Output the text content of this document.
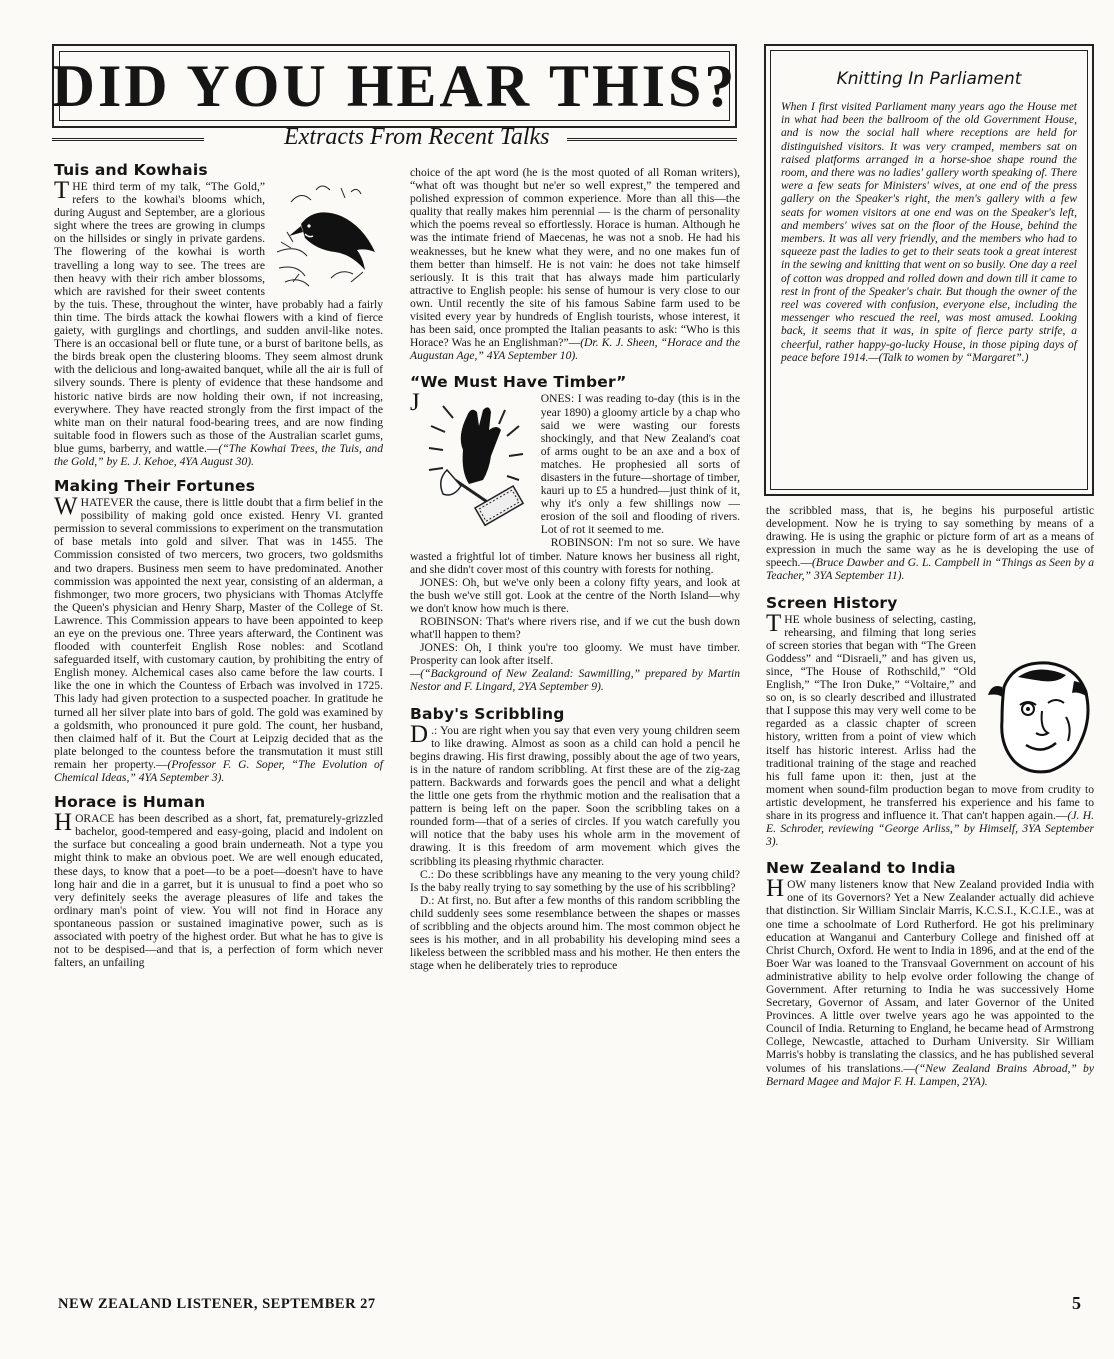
DID YOU HEAR THIS?
Extracts From Recent Talks
Tuis and Kowhais

T HE third term of my talk, “The Gold,” refers to the kowhai's blooms which, during August and September, are a glorious sight where the trees are growing in clumps on the hillsides or singly in private gardens. The flowering of the kowhai is worth travelling a long way to see. The trees are then heavy with their rich amber blossoms, which are ravished for their sweet contents by the tuis. These, throughout the winter, have probably had a fairly thin time. The birds attack the kowhai flowers with a kind of fierce gaiety, with gurglings and chortlings, and sudden anvil-like notes. There is an occasional bell or flute tune, or a burst of baritone bells, as the birds break open the clustering blooms. They seem almost drunk with the delicious and long-awaited banquet, while all the air is full of silvery sounds. There is plenty of evidence that these handsome and historic native birds are now holding their own, if not increasing, everywhere. They have reacted strongly from the first impact of the white man on their natural food-bearing trees, and are now finding suitable food in flowers such as those of the Australian scarlet gums, blue gums, barberry, and wattle.—(“The Kowhai Trees, the Tuis, and the Gold,” by E. J. Kehoe, 4YA August 30).

Making Their Fortunes

W HATEVER the cause, there is little doubt that a firm belief in the possibility of making gold once existed. Henry VI. granted permission to several commissions to experiment on the transmutation of base metals into gold and silver. That was in 1455. The Commission consisted of two mercers, two grocers, two goldsmiths and two drapers. Business men seem to have predominated. Another commission was appointed the next year, consisting of an alderman, a fishmonger, two more grocers, two physicians with Thomas Atclyffe the Queen's physician and Henry Sharp, Master of the College of St. Lawrence. This Commission appears to have been appointed to keep an eye on the previous one. Three years afterward, the Continent was flooded with counterfeit English Rose nobles: and Scotland safeguarded itself, with customary caution, by prohibiting the entry of English money. Alchemical cases also came before the law courts. I like the one in which the Countess of Erbach was involved in 1725. This lady had given protection to a suspected poacher. In gratitude he turned all her silver plate into bars of gold. The gold was examined by a goldsmith, who pronounced it pure gold. The count, her husband, then claimed half of it. But the Court at Leipzig decided that as the plate belonged to the countess before the transmutation it must still remain her property.—(Professor F. G. Soper, “The Evolution of Chemical Ideas,” 4YA September 3).

Horace is Human

H ORACE has been described as a short, fat, prematurely-grizzled bachelor, good-tempered and easy-going, placid and indolent on the surface but concealing a good brain underneath. Not a type you might think to make an obvious poet. We are well enough educated, these days, to know that a poet—to be a poet—doesn't have to have long hair and die in a garret, but it is unusual to find a poet who so very definitely seeks the average pleasures of life and takes the ordinary man's point of view. You will not find in Horace any spontaneous passion or sustained imaginative power, such as is associated with poetry of the highest order. But what he has to give is not to be despised—and that is, a perfection of form which never falters, an unfailing

choice of the apt word (he is the most quoted of all Roman writers), “what oft was thought but ne'er so well exprest,” the tempered and polished expression of common experience. More than all this—the quality that really makes him perennial — is the charm of personality which the poems reveal so effortlessly. Horace is human. Although he was the intimate friend of Maecenas, he was not a snob. He had his weaknesses, but he knew what they were, and no one makes fun of them better than himself. He is not vain: he does not take himself seriously. It is this trait that has always made him particularly attractive to English people: his sense of humour is very close to our own. Until recently the site of his famous Sabine farm used to be visited every year by hundreds of English tourists, whose interest, it has been said, once prompted the Italian peasants to ask: “Who is this Horace? Was he an Englishman?”—(Dr. K. J. Sheen, “Horace and the Augustan Age,” 4YA September 10).

“We Must Have Timber”

J	ONES: I was reading to-day (this is in the year 1890) a gloomy article by a chap who said we were wasting our forests shockingly, and that New Zealand's coat of arms ought to be an axe and a box of matches. He prophesied all sorts of disasters in the future—shortage of timber, kauri up to £5 a hundred—just think of it, why it's only a few shillings now — erosion of the soil and flooding of rivers. Lot of rot it seemed to me.

ROBINSON: I'm not so sure. We have wasted a frightful lot of timber. Nature knows her business all right, and she didn't cover most of this country with forests for nothing.

JONES: Oh, but we've only been a colony fifty years, and look at the bush we've still got. Look at the centre of the North Island—why we don't know how much is there.

ROBINSON: That's where rivers rise, and if we cut the bush down what'll happen to them?

JONES: Oh, I think you're too gloomy. We must have timber. Prosperity can look after itself.

—(“Background of New Zealand: Sawmilling,” prepared by Martin Nestor and F. Lingard, 2YA September 9).

Baby's Scribbling

D .: You are right when you say that even very young children seem to like drawing. Almost as soon as a child can hold a pencil he begins drawing. His first drawing, possibly about the age of two years, is in the nature of random scribbling. At first these are of the zig-zag pattern. Backwards and forwards goes the pencil and what a delight the little one gets from the rhythmic motion and the realisation that a pattern is being left on the paper. Soon the scribbling takes on a rounded form—that of a series of circles. If you watch carefully you will notice that the baby uses his whole arm in the movement of drawing. It is this freedom of arm movement which gives the scribbling its pleasing rhythmic character.

C.: Do these scribblings have any meaning to the very young child? Is the baby really trying to say something by the use of his scribbling?

D.: At first, no. But after a few months of this random scribbling the child suddenly sees some resemblance between the shapes or masses of scribbling and the objects around him. The most common object he sees is his mother, and in all probability his developing mind sees a likeless between the scribbled mass and his mother. He then enters the stage when he deliberately tries to reproduce

Knitting In Parliament

When I first visited Parliament many years ago the House met in what had been the ballroom of the old Government House, and is now the social hall where receptions are held for distinguished visitors. It was very cramped, members sat on raised platforms arranged in a horse-shoe shape round the room, and there was no ladies' gallery worth speaking of. There were a few seats for Ministers' wives, at one end of the press gallery on the Speaker's right, the men's gallery with a few seats for women visitors at one end was on the Speaker's left, and members' wives sat on the floor of the House, behind the members. It was all very friendly, and the members who had to squeeze past the ladies to get to their seats took a great interest in the sewing and knitting that went on so busily. One day a reel of cotton was dropped and rolled down and down till it came to rest in front of the Speaker's chair. But though the owner of the reel was covered with confusion, everyone else, including the messenger who rescued the reel, was most amused. Looking back, it seems that it was, in spite of fierce party strife, a cheerful, rather happy-go-lucky House, in those piping days of peace before 1914.—(Talk to women by “Margaret”.)

the scribbled mass, that is, he begins his purposeful artistic development. Now he is trying to say something by means of a drawing. He is using the graphic or picture form of art as a means of expression in much the same way as he is developing the use of speech.—(Bruce Dawber and G. L. Campbell in “Things as Seen by a Teacher,” 3YA September 11).

Screen History

T HE whole business of selecting, casting, rehearsing, and filming that long series of screen stories that began with “The Green Goddess” and “Disraeli,” and has given us, since, “The House of Rothschild,” “Old English,” “The Iron Duke,” “Voltaire,” and so on, is so clearly described and illustrated that I suppose this may very well come to be regarded as a classic chapter of screen history, written from a point of view which itself has historic interest. Arliss had the traditional training of the stage and reached his full fame upon it: then, just at the moment when sound-film production began to move from crudity to artistic development, he transferred his experience and his fame to share in its progress and influence it. That can't happen again.—(J. H. E. Schroder, reviewing “George Arliss,” by Himself, 3YA September 3).

New Zealand to India

H OW many listeners know that New Zealand provided India with one of its Governors? Yet a New Zealander actually did achieve that distinction. Sir William Sinclair Marris, K.C.S.I., K.C.I.E., was at one time a schoolmate of Lord Rutherford. He got his preliminary education at Wanganui and Canterbury College and finished off at Christ Church, Oxford. He went to India in 1896, and at the end of the Boer War was loaned to the Transvaal Government on account of his administrative ability to help evolve order following the change of Government. After returning to India he was successively Home Secretary, Governor of Assam, and later Governor of the United Provinces. A little over twelve years ago he was appointed to the Council of India. Returning to England, he became head of Armstrong College, Newcastle, attached to Durham University. Sir William Marris's hobby is translating the classics, and he has published several volumes of his translations.—(“New Zealand Brains Abroad,” by Bernard Magee and Major F. H. Lampen, 2YA).

NEW ZEALAND LISTENER, SEPTEMBER 27	5
